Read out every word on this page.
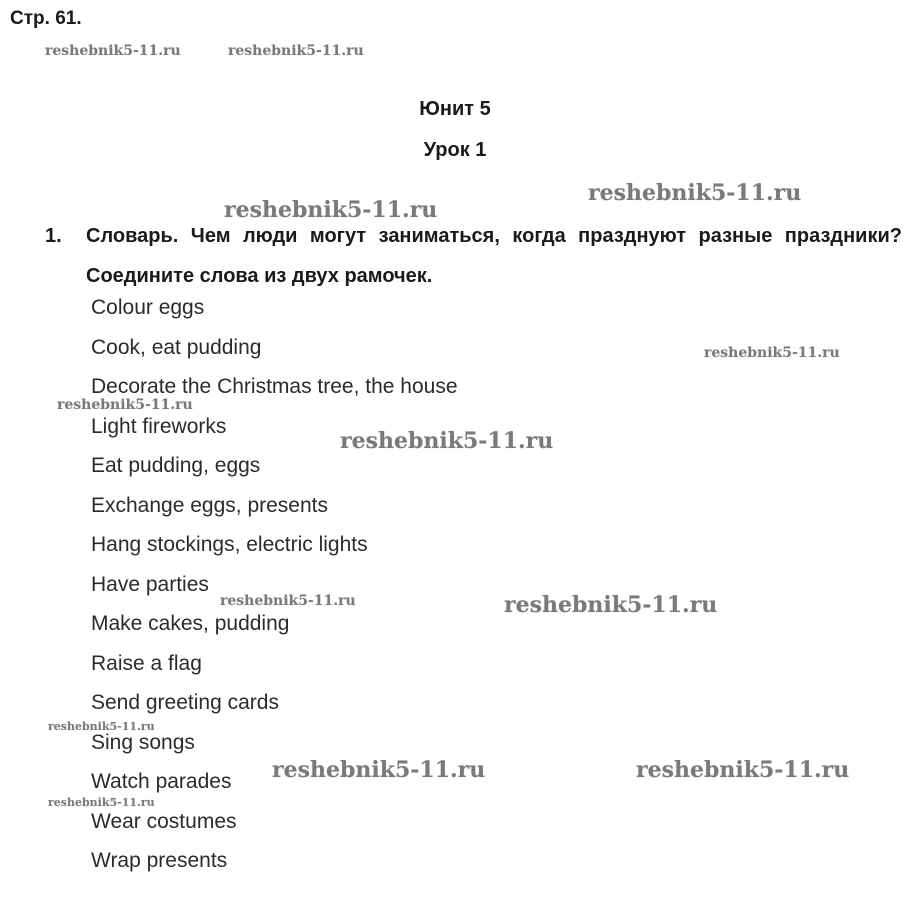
Стр. 61.
Юнит 5
Урок 1
1. Словарь. Чем люди могут заниматься, когда празднуют разные праздники? Соедините слова из двух рамочек.
Colour eggs
Cook, eat pudding
Decorate the Christmas tree, the house
Light fireworks
Eat pudding, eggs
Exchange eggs, presents
Hang stockings, electric lights
Have parties
Make cakes, pudding
Raise a flag
Send greeting cards
Sing songs
Watch parades
Wear costumes
Wrap presents
reshebnik5-11.ru	reshebnik5-11.ru
reshebnik5-11.ru
reshebnik5-11.ru
reshebnik5-11.ru
reshebnik5-11.ru
reshebnik5-11.ru
reshebnik5-11.ru	reshebnik5-11.ru
reshebnik5-11.ru
reshebnik5-11.ru	reshebnik5-11.ru
reshebnik5-11.ru
